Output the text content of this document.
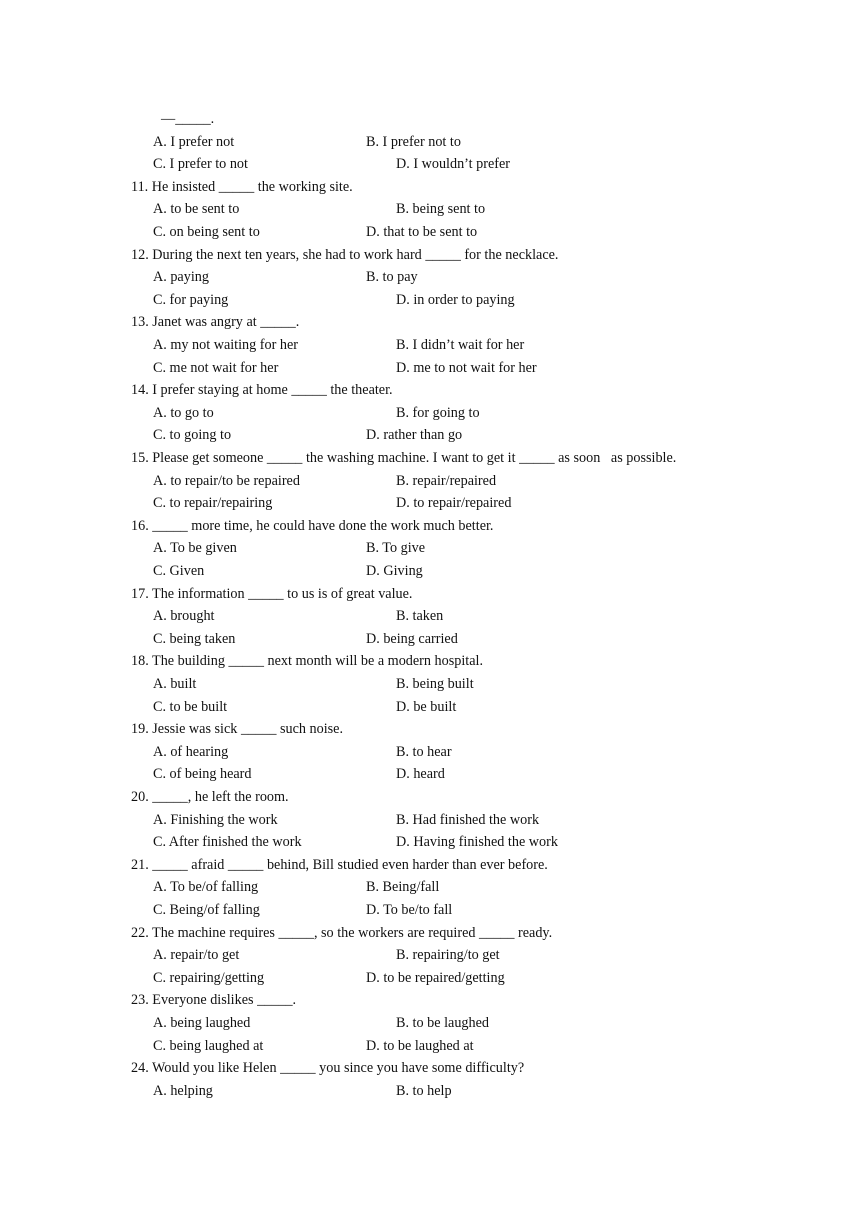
—_____.
A. I prefer not	B. I prefer not to
C. I prefer to not	D. I wouldn’t prefer
11. He insisted _____ the working site.
A. to be sent to	B. being sent to
C. on being sent to	D. that to be sent to
12. During the next ten years, she had to work hard _____ for the necklace.
A. paying	B. to pay
C. for paying	D. in order to paying
13. Janet was angry at _____.
A. my not waiting for her	B. I didn’t wait for her
C. me not wait for her	D. me to not wait for her
14. I prefer staying at home _____ the theater.
A. to go to	B. for going to
C. to going to	D. rather than go
15. Please get someone _____ the washing machine. I want to get it _____ as soon   as possible.
A. to repair/to be repaired	B. repair/repaired
C. to repair/repairing	D. to repair/repaired
16. _____ more time, he could have done the work much better.
A. To be given	B. To give
C. Given	D. Giving
17. The information _____ to us is of great value.
A. brought	B. taken
C. being taken	D. being carried
18. The building _____ next month will be a modern hospital.
A. built	B. being built
C. to be built	D. be built
19. Jessie was sick _____ such noise.
A. of hearing	B. to hear
C. of being heard	D. heard
20. _____, he left the room.
A. Finishing the work	B. Had finished the work
C. After finished the work	D. Having finished the work
21. _____ afraid _____ behind, Bill studied even harder than ever before.
A. To be/of falling	B. Being/fall
C. Being/of falling	D. To be/to fall
22. The machine requires _____, so the workers are required _____ ready.
A. repair/to get	B. repairing/to get
C. repairing/getting	D. to be repaired/getting
23. Everyone dislikes _____.
A. being laughed	B. to be laughed
C. being laughed at	D. to be laughed at
24. Would you like Helen _____ you since you have some difficulty?
A. helping	B. to help
